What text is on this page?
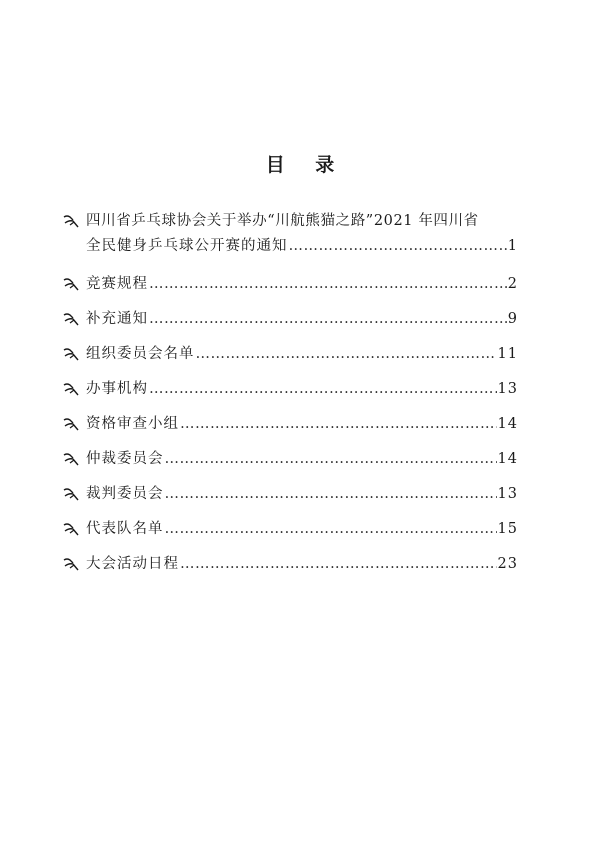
目 录
四川省乒乓球协会关于举办“川航熊猫之路”2021 年四川省
全民健身乒乓球公开赛的通知 …………………………………………………………………………………………………………	1
竞赛规程 …………………………………………………………………………………………………………	2
补充通知 …………………………………………………………………………………………………………	9
组织委员会名单 …………………………………………………………………………………………………………	11
办事机构 …………………………………………………………………………………………………………	13
资格审查小组 …………………………………………………………………………………………………………	14
仲裁委员会 …………………………………………………………………………………………………………	14
裁判委员会 …………………………………………………………………………………………………………	13
代表队名单 …………………………………………………………………………………………………………	15
大会活动日程 …………………………………………………………………………………………………………	23
